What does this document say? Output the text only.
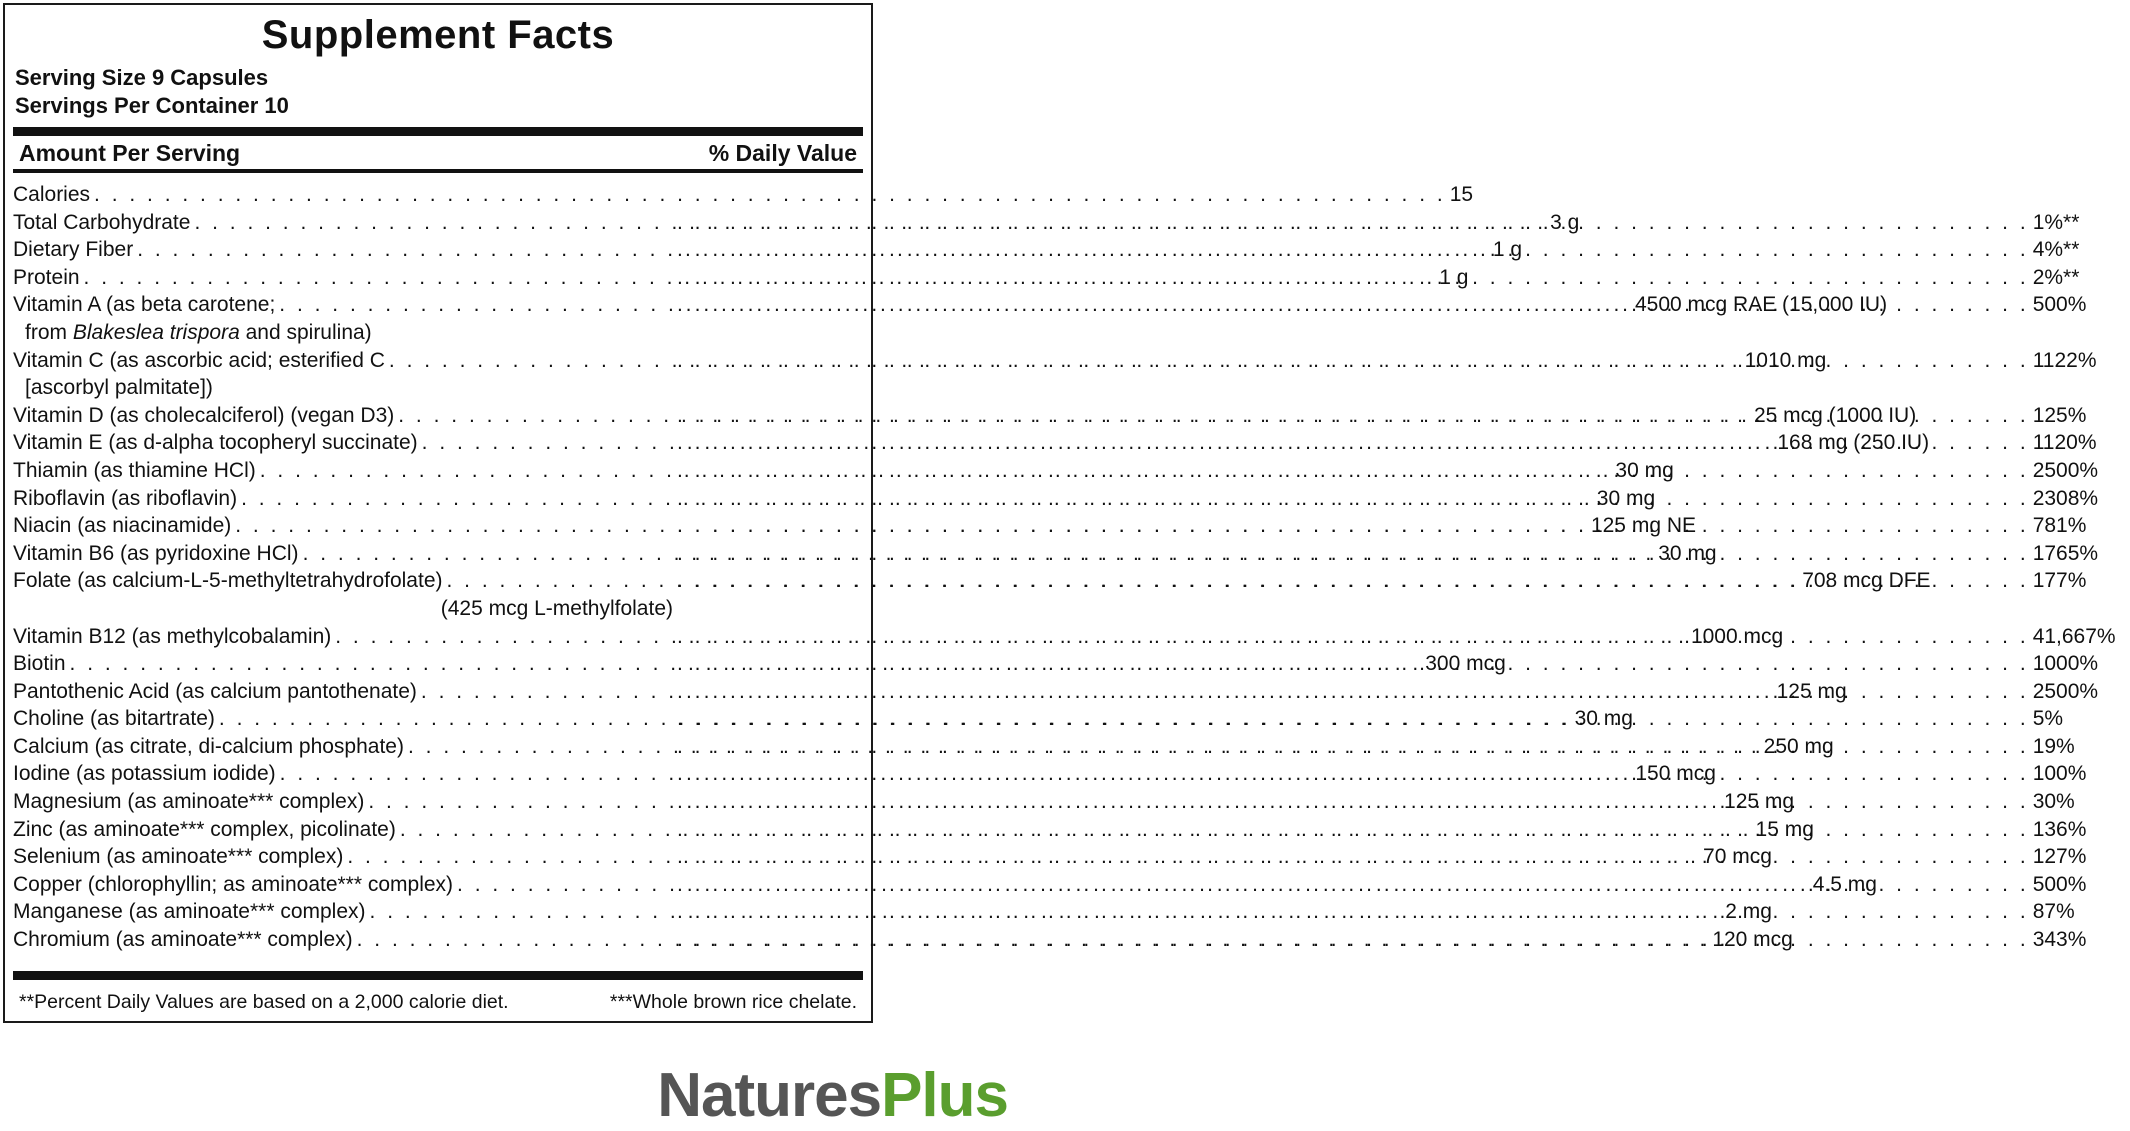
Supplement Facts
Serving Size 9 Capsules
Servings Per Container 10
Amount Per Serving	% Daily Value
Calories . . .	15
Total Carbohydrate . . .	3 g . . .	1%**
Dietary Fiber . . .	1 g . . .	4%**
Protein . . .	1 g . . .	2%**
Vitamin A (as beta carotene; . . .	4500 mcg RAE (15,000 IU) . . .	500%
from Blakeslea trispora and spirulina)
Vitamin C (as ascorbic acid; esterified C . . .	1010 mg . . .	1122%
[ascorbyl palmitate])
Vitamin D (as cholecalciferol) (vegan D3) . . .	25 mcg (1000 IU) . . .	125%
Vitamin E (as d-alpha tocopheryl succinate) . . .	168 mg (250 IU) . . .	1120%
Thiamin (as thiamine HCl) . . .	30 mg . . .	2500%
Riboflavin (as riboflavin) . . .	30 mg . . .	2308%
Niacin (as niacinamide) . . .	125 mg NE . . .	781%
Vitamin B6 (as pyridoxine HCl) . . .	30 mg . . .	1765%
Folate (as calcium-L-5-methyltetrahydrofolate) . . .	708 mcg DFE . . .	177%
(425 mcg L-methylfolate)
Vitamin B12 (as methylcobalamin) . . .	1000 mcg . . .	41,667%
Biotin . . .	300 mcg . . .	1000%
Pantothenic Acid (as calcium pantothenate) . . .	125 mg . . .	2500%
Choline (as bitartrate) . . .	30 mg . . .	5%
Calcium (as citrate, di-calcium phosphate) . . .	250 mg . . .	19%
Iodine (as potassium iodide) . . .	150 mcg . . .	100%
Magnesium (as aminoate*** complex) . . .	125 mg . . .	30%
Zinc (as aminoate*** complex, picolinate) . . .	15 mg . . .	136%
Selenium (as aminoate*** complex) . . .	70 mcg . . .	127%
Copper (chlorophyllin; as aminoate*** complex) . . .	4.5 mg . . .	500%
Manganese (as aminoate*** complex) . . .	2 mg . . .	87%
Chromium (as aminoate*** complex) . . .	120 mcg . . .	343%
**Percent Daily Values are based on a 2,000 calorie diet.	***Whole brown rice chelate.
NaturesPlus
